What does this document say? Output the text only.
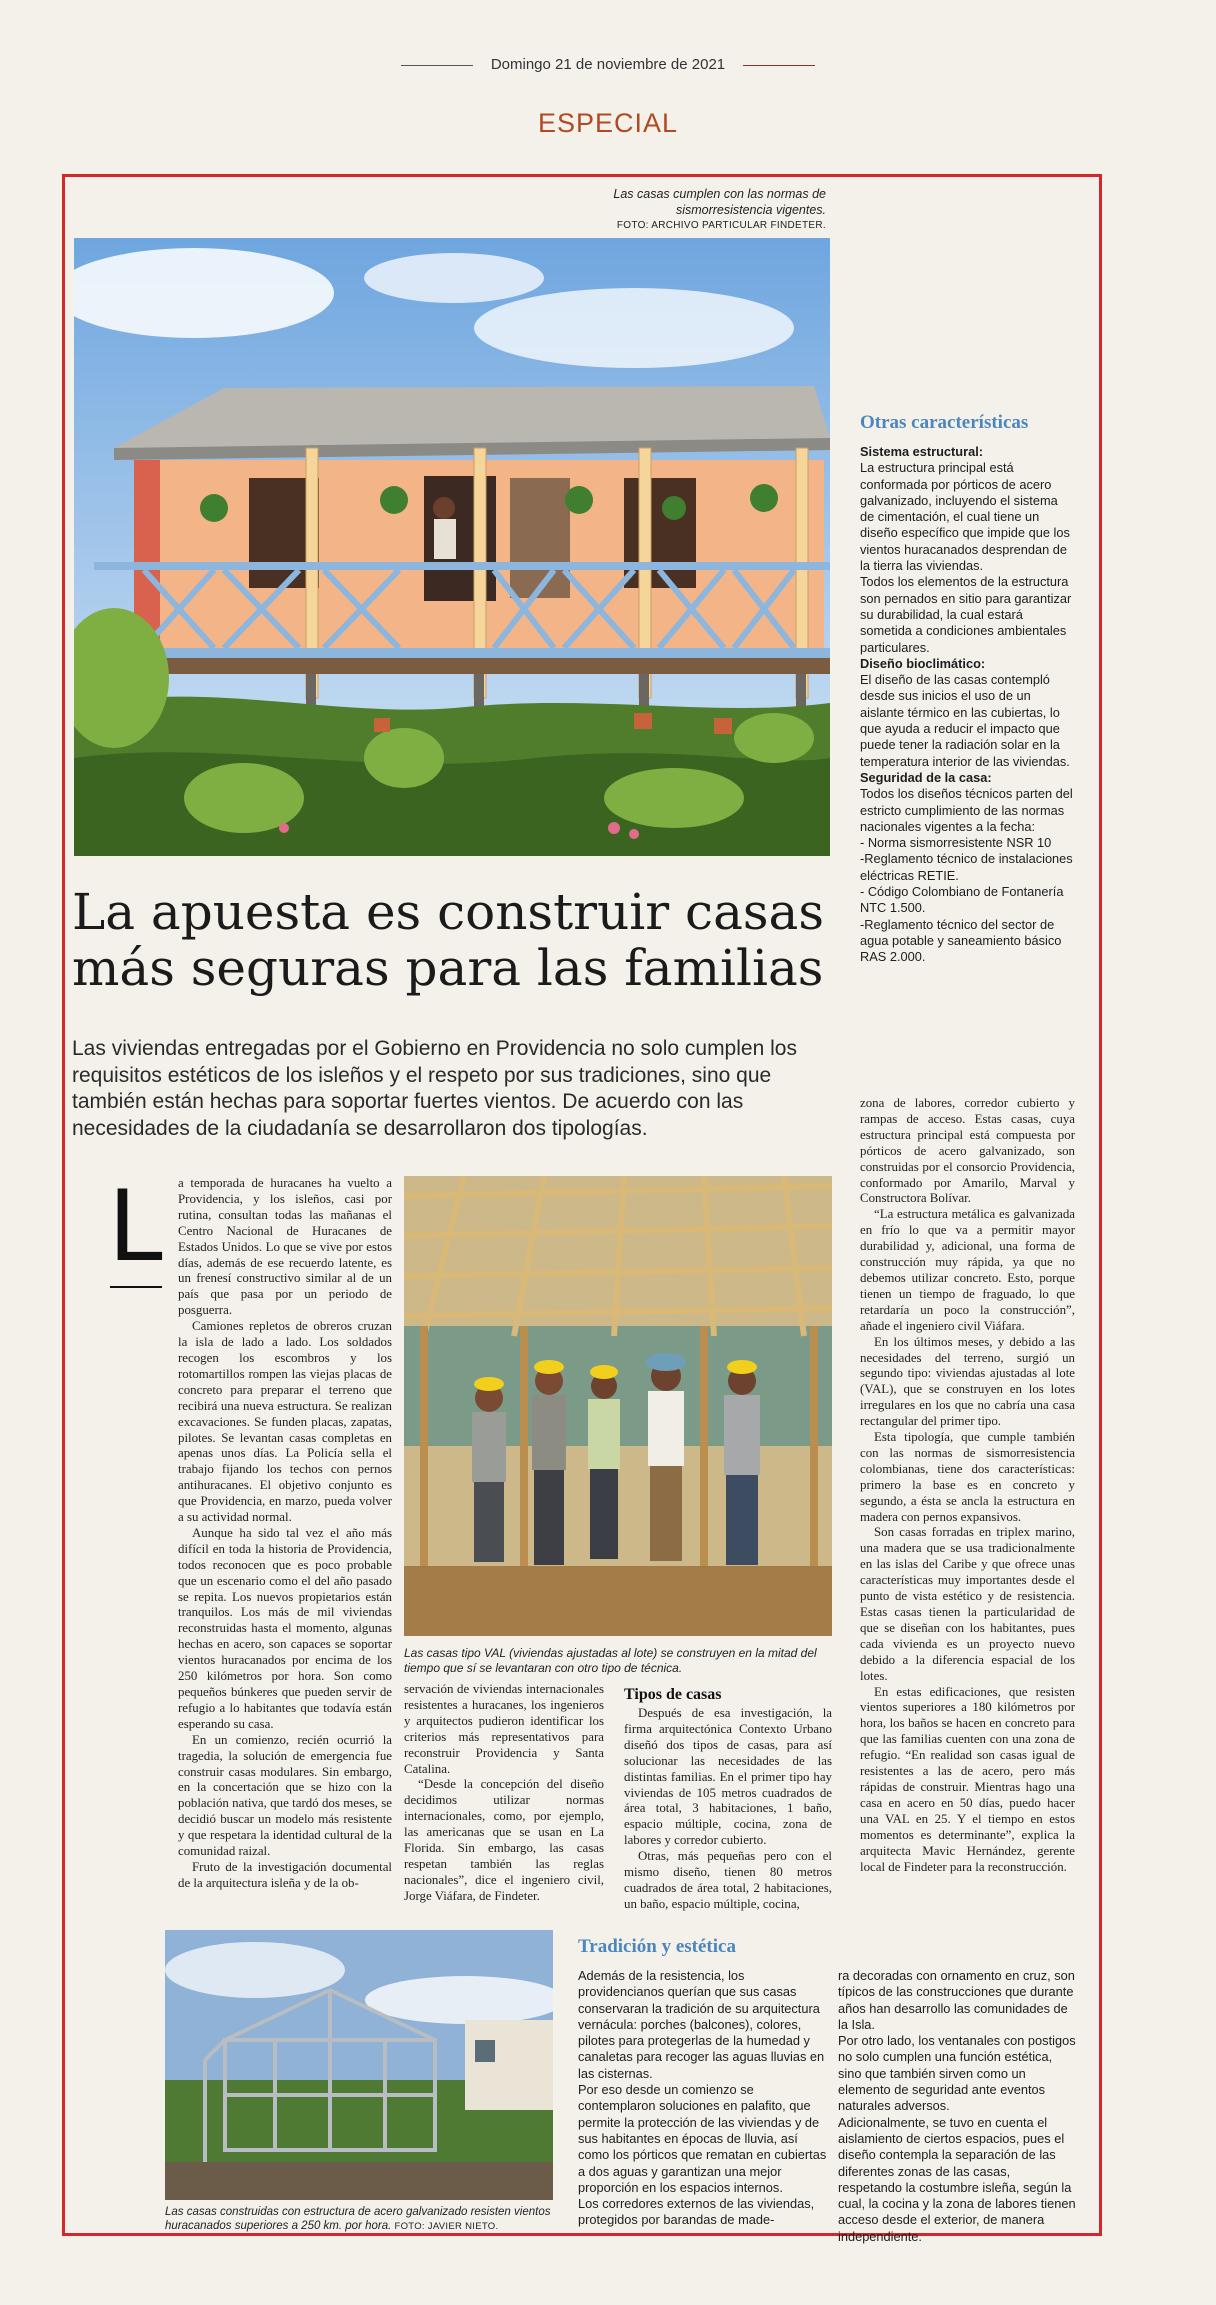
Domingo 21 de noviembre de 2021
ESPECIAL
Las casas cumplen con las normas de sismorresistencia vigentes.
FOTO: ARCHIVO PARTICULAR FINDETER.
Otras características

Sistema estructural:
La estructura principal está conformada por pórticos de acero galvanizado, incluyendo el sistema de cimentación, el cual tiene un diseño específico que impide que los vientos huracanados desprendan de la tierra las viviendas.

Todos los elementos de la estructura son pernados en sitio para garantizar su durabilidad, la cual estará sometida a condiciones ambientales particulares.

Diseño bioclimático:
El diseño de las casas contempló desde sus inicios el uso de un aislante térmico en las cubiertas, lo que ayuda a reducir el impacto que puede tener la radiación solar en la temperatura interior de las viviendas.

Seguridad de la casa:
Todos los diseños técnicos parten del estricto cumplimiento de las normas nacionales vigentes a la fecha:

- Norma sismorresistente NSR 10

-Reglamento técnico de instalaciones eléctricas RETIE.

- Código Colombiano de Fontanería NTC 1.500.

-Reglamento técnico del sector de agua potable y saneamiento básico RAS 2.000.

La apuesta es construir casas más seguras para las familias
Las viviendas entregadas por el Gobierno en Providencia no solo cumplen los requisitos estéticos de los isleños y el respeto por sus tradiciones, sino que también están hechas para soportar fuertes vientos. De acuerdo con las necesidades de la ciudadanía se desarrollaron dos tipologías.
L a temporada de huracanes ha vuelto a Providencia, y los isleños, casi por rutina, consultan todas las mañanas el Centro Nacional de Huracanes de Estados Unidos. Lo que se vive por estos días, además de ese recuerdo latente, es un frenesí constructivo similar al de un país que pasa por un periodo de posguerra.

Camiones repletos de obreros cruzan la isla de lado a lado. Los soldados recogen los escombros y los rotomartillos rompen las viejas placas de concreto para preparar el terreno que recibirá una nueva estructura. Se realizan excavaciones. Se funden placas, zapatas, pilotes. Se levantan casas completas en apenas unos días. La Policía sella el trabajo fijando los techos con pernos antihuracanes. El objetivo conjunto es que Providencia, en marzo, pueda volver a su actividad normal.

Aunque ha sido tal vez el año más difícil en toda la historia de Providencia, todos reconocen que es poco probable que un escenario como el del año pasado se repita. Los nuevos propietarios están tranquilos. Los más de mil viviendas reconstruidas hasta el momento, algunas hechas en acero, son capaces se soportar vientos huracanados por encima de los 250 kilómetros por hora. Son como pequeños búnkeres que pueden servir de refugio a lo habitantes que todavía están esperando su casa.

En un comienzo, recién ocurrió la tragedia, la solución de emergencia fue construir casas modulares. Sin embargo, en la concertación que se hizo con la población nativa, que tardó dos meses, se decidió buscar un modelo más resistente y que respetara la identidad cultural de la comunidad raizal.

Fruto de la investigación documental de la arquitectura isleña y de la ob-

Las casas tipo VAL (viviendas ajustadas al lote) se construyen en la mitad del tiempo que sí se levantaran con otro tipo de técnica.

servación de viviendas internacionales resistentes a huracanes, los ingenieros y arquitectos pudieron identificar los criterios más representativos para reconstruir Providencia y Santa Catalina.

“Desde la concepción del diseño decidimos utilizar normas internacionales, como, por ejemplo, las americanas que se usan en La Florida. Sin embargo, las casas respetan también las reglas nacionales”, dice el ingeniero civil, Jorge Viáfara, de Findeter.

Tipos de casas

Después de esa investigación, la firma arquitectónica Contexto Urbano diseñó dos tipos de casas, para así solucionar las necesidades de las distintas familias. En el primer tipo hay viviendas de 105 metros cuadrados de área total, 3 habitaciones, 1 baño, espacio múltiple, cocina, zona de labores y corredor cubierto.

Otras, más pequeñas pero con el mismo diseño, tienen 80 metros cuadrados de área total, 2 habitaciones, un baño, espacio múltiple, cocina,

zona de labores, corredor cubierto y rampas de acceso. Estas casas, cuya estructura principal está compuesta por pórticos de acero galvanizado, son construidas por el consorcio Providencia, conformado por Amarilo, Marval y Constructora Bolívar.

“La estructura metálica es galvanizada en frío lo que va a permitir mayor durabilidad y, adicional, una forma de construcción muy rápida, ya que no debemos utilizar concreto. Esto, porque tienen un tiempo de fraguado, lo que retardaría un poco la construcción”, añade el ingeniero civil Viáfara.

En los últimos meses, y debido a las necesidades del terreno, surgió un segundo tipo: viviendas ajustadas al lote (VAL), que se construyen en los lotes irregulares en los que no cabría una casa rectangular del primer tipo.

Esta tipología, que cumple también con las normas de sismorresistencia colombianas, tiene dos características: primero la base es en concreto y segundo, a ésta se ancla la estructura en madera con pernos expansivos.

Son casas forradas en triplex marino, una madera que se usa tradicionalmente en las islas del Caribe y que ofrece unas características muy importantes desde el punto de vista estético y de resistencia. Estas casas tienen la particularidad de que se diseñan con los habitantes, pues cada vivienda es un proyecto nuevo debido a la diferencia espacial de los lotes.

En estas edificaciones, que resisten vientos superiores a 180 kilómetros por hora, los baños se hacen en concreto para que las familias cuenten con una zona de refugio. “En realidad son casas igual de resistentes a las de acero, pero más rápidas de construir. Mientras hago una casa en acero en 50 días, puedo hacer una VAL en 25. Y el tiempo en estos momentos es determinante”, explica la arquitecta Mavic Hernández, gerente local de Findeter para la reconstrucción.

Las casas construidas con estructura de acero galvanizado resisten vientos huracanados superiores a 250 km. por hora. FOTO: JAVIER NIETO.
Tradición y estética

Además de la resistencia, los providencianos querían que sus casas conservaran la tradición de su arquitectura vernácula: porches (balcones), colores, pilotes para protegerlas de la humedad y canaletas para recoger las aguas lluvias en las cisternas.

Por eso desde un comienzo se contemplaron soluciones en palafito, que permite la protección de las viviendas y de sus habitantes en épocas de lluvia, así como los pórticos que rematan en cubiertas a dos aguas y garantizan una mejor proporción en los espacios internos.

Los corredores externos de las viviendas, protegidos por barandas de made-

ra decoradas con ornamento en cruz, son típicos de las construcciones que durante años han desarrollo las comunidades de la Isla.

Por otro lado, los ventanales con postigos no solo cumplen una función estética, sino que también sirven como un elemento de seguridad ante eventos naturales adversos.

Adicionalmente, se tuvo en cuenta el aislamiento de ciertos espacios, pues el diseño contempla la separación de las diferentes zonas de las casas, respetando la costumbre isleña, según la cual, la cocina y la zona de labores tienen acceso desde el exterior, de manera independiente.
